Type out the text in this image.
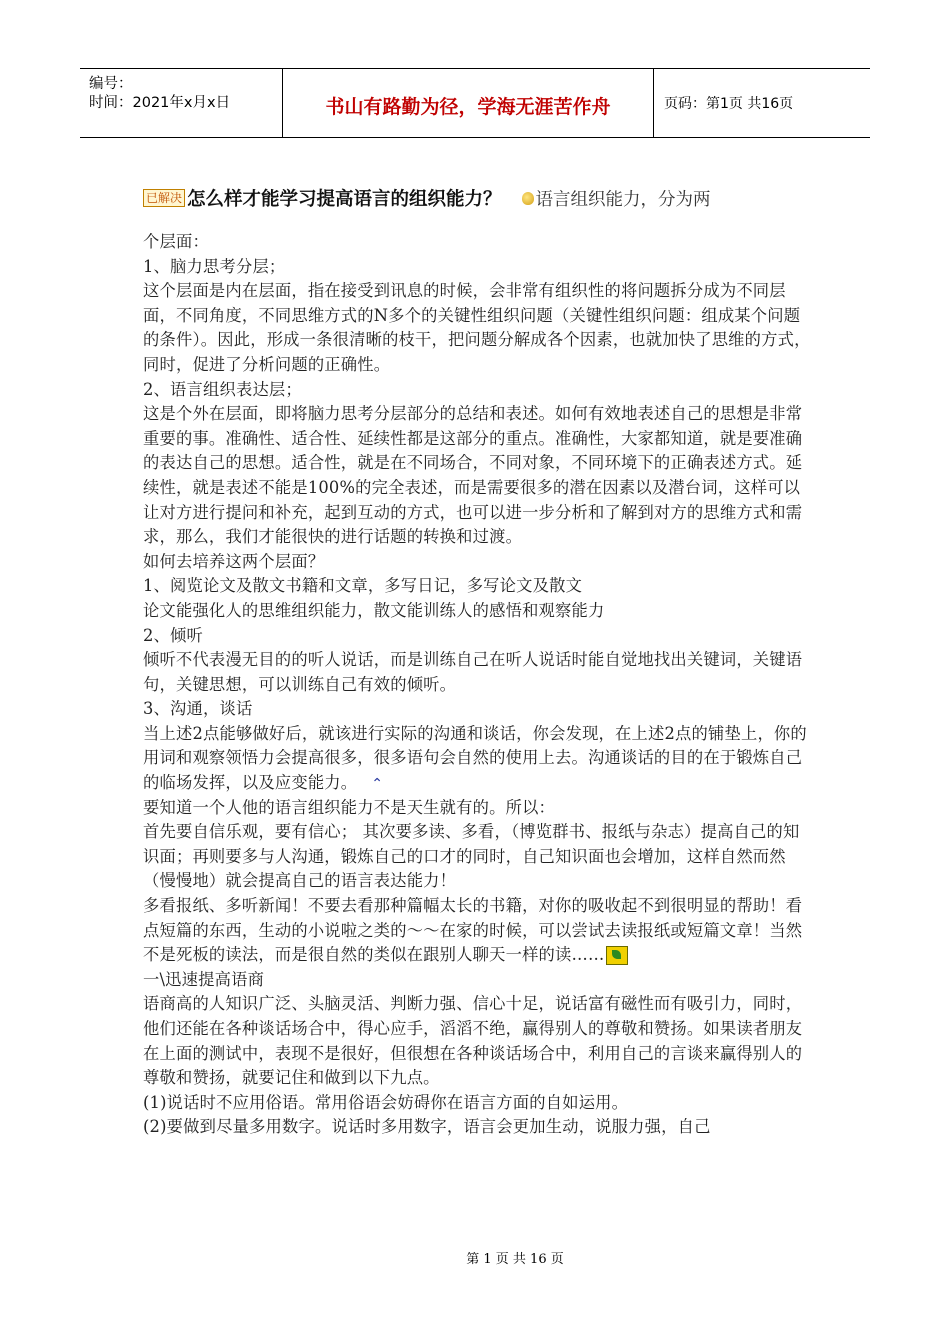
编号：
时间：2021年x月x日	书山有路勤为径，学海无涯苦作舟	页码：第1页 共16页
已解决 怎么样才能学习提高语言的组织能力？ 语言组织能力，分为两
个层面：
1、脑力思考分层；
这个层面是内在层面，指在接受到讯息的时候，会非常有组织性的将问题拆分成为不同层面，不同角度，不同思维方式的N多个的关键性组织问题（关键性组织问题：组成某个问题的条件）。因此，形成一条很清晰的枝干，把问题分解成各个因素，也就加快了思维的方式，同时，促进了分析问题的正确性。
2、语言组织表达层；
这是个外在层面，即将脑力思考分层部分的总结和表述。如何有效地表述自己的思想是非常重要的事。准确性、适合性、延续性都是这部分的重点。准确性，大家都知道，就是要准确的表达自己的思想。适合性，就是在不同场合，不同对象，不同环境下的正确表述方式。延续性，就是表述不能是100%的完全表述，而是需要很多的潜在因素以及潜台词，这样可以让对方进行提问和补充，起到互动的方式，也可以进一步分析和了解到对方的思维方式和需求，那么，我们才能很快的进行话题的转换和过渡。
如何去培养这两个层面？
1、阅览论文及散文书籍和文章，多写日记，多写论文及散文
论文能强化人的思维组织能力，散文能训练人的感悟和观察能力
2、倾听
倾听不代表漫无目的的听人说话，而是训练自己在听人说话时能自觉地找出关键词，关键语句，关键思想，可以训练自己有效的倾听。
3、沟通，谈话
当上述2点能够做好后，就该进行实际的沟通和谈话，你会发现，在上述2点的铺垫上，你的用词和观察领悟力会提高很多，很多语句会自然的使用上去。沟通谈话的目的在于锻炼自己的临场发挥，以及应变能力。 ⌃
要知道一个人他的语言组织能力不是天生就有的。所以：
首先要自信乐观，要有信心； 其次要多读、多看，（博览群书、报纸与杂志）提高自己的知识面；再则要多与人沟通，锻炼自己的口才的同时，自己知识面也会增加，这样自然而然（慢慢地）就会提高自己的语言表达能力！
多看报纸、多听新闻！不要去看那种篇幅太长的书籍，对你的吸收起不到很明显的帮助！看点短篇的东西，生动的小说啦之类的～～在家的时候，可以尝试去读报纸或短篇文章！当然不是死板的读法，而是很自然的类似在跟别人聊天一样的读……
一\迅速提高语商
语商高的人知识广泛、头脑灵活、判断力强、信心十足，说话富有磁性而有吸引力，同时，他们还能在各种谈话场合中，得心应手，滔滔不绝，赢得别人的尊敬和赞扬。如果读者朋友在上面的测试中，表现不是很好，但很想在各种谈话场合中，利用自己的言谈来赢得别人的尊敬和赞扬，就要记住和做到以下九点。
(1)说话时不应用俗语。常用俗语会妨碍你在语言方面的自如运用。
(2)要做到尽量多用数字。说话时多用数字，语言会更加生动，说服力强，自己
第 1 页 共 16 页
